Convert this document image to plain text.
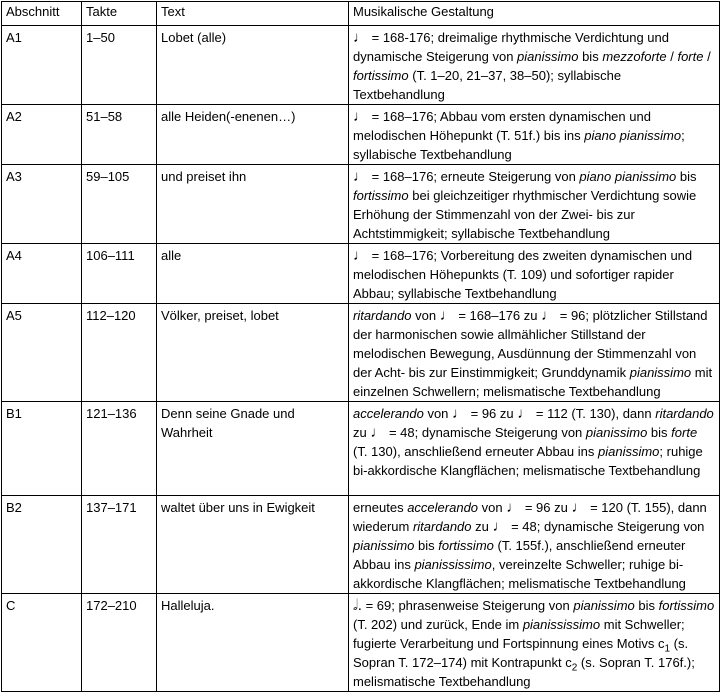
Abschnitt	Takte	Text	Musikalische Gestaltung
A1	1–50	Lobet (alle)	♩ = 168-176; dreimalige rhythmische Verdichtung und dynamische Steigerung von pianissimo bis mezzoforte / forte / fortissimo (T. 1–20, 21–37, 38–50); syllabische Textbehandlung
A2	51–58	alle Heiden(-enenen…)	♩ = 168–176; Abbau vom ersten dynamischen und melodischen Höhepunkt (T. 51f.) bis ins piano pianissimo; syllabische Textbehandlung
A3	59–105	und preiset ihn	♩ = 168–176; erneute Steigerung von piano pianissimo bis fortissimo bei gleichzeitiger rhythmischer Verdichtung sowie Erhöhung der Stimmenzahl von der Zwei- bis zur Achtstimmigkeit; syllabische Textbehandlung
A4	106–111	alle	♩ = 168–176; Vorbereitung des zweiten dynamischen und melodischen Höhepunkts (T. 109) und sofortiger rapider Abbau; syllabische Textbehandlung
A5	112–120	Völker, preiset, lobet	ritardando von ♩ = 168–176 zu ♩ = 96; plötzlicher Stillstand der harmonischen sowie allmählicher Stillstand der melodischen Bewegung, Ausdünnung der Stimmenzahl von der Acht- bis zur Einstimmigkeit; Grunddynamik pianissimo mit einzelnen Schwellern; melismatische Textbehandlung
B1	121–136	Denn seine Gnade und Wahrheit	accelerando von ♩ = 96 zu ♩ = 112 (T. 130), dann ritardando zu ♩ = 48; dynamische Steigerung von pianissimo bis forte (T. 130), anschließend erneuter Abbau ins pianissimo; ruhige bi-akkordische Klangflächen; melismatische Textbehandlung
B2	137–171	waltet über uns in Ewigkeit	erneutes accelerando von ♩ = 96 zu ♩ = 120 (T. 155), dann wiederum ritardando zu ♩ = 48; dynamische Steigerung von pianissimo bis fortissimo (T. 155f.), anschließend erneuter Abbau ins pianississimo, vereinzelte Schweller; ruhige bi-akkordische Klangflächen; melismatische Textbehandlung
C	172–210	Halleluja.	𝅗𝅥. = 69; phrasenweise Steigerung von pianissimo bis fortissimo (T. 202) und zurück, Ende im pianississimo mit Schweller; fugierte Verarbeitung und Fortspinnung eines Motivs $c_1$ (s. Sopran T. 172–174) mit Kontrapunkt $c_2$ (s. Sopran T. 176f.); melismatische Textbehandlung
